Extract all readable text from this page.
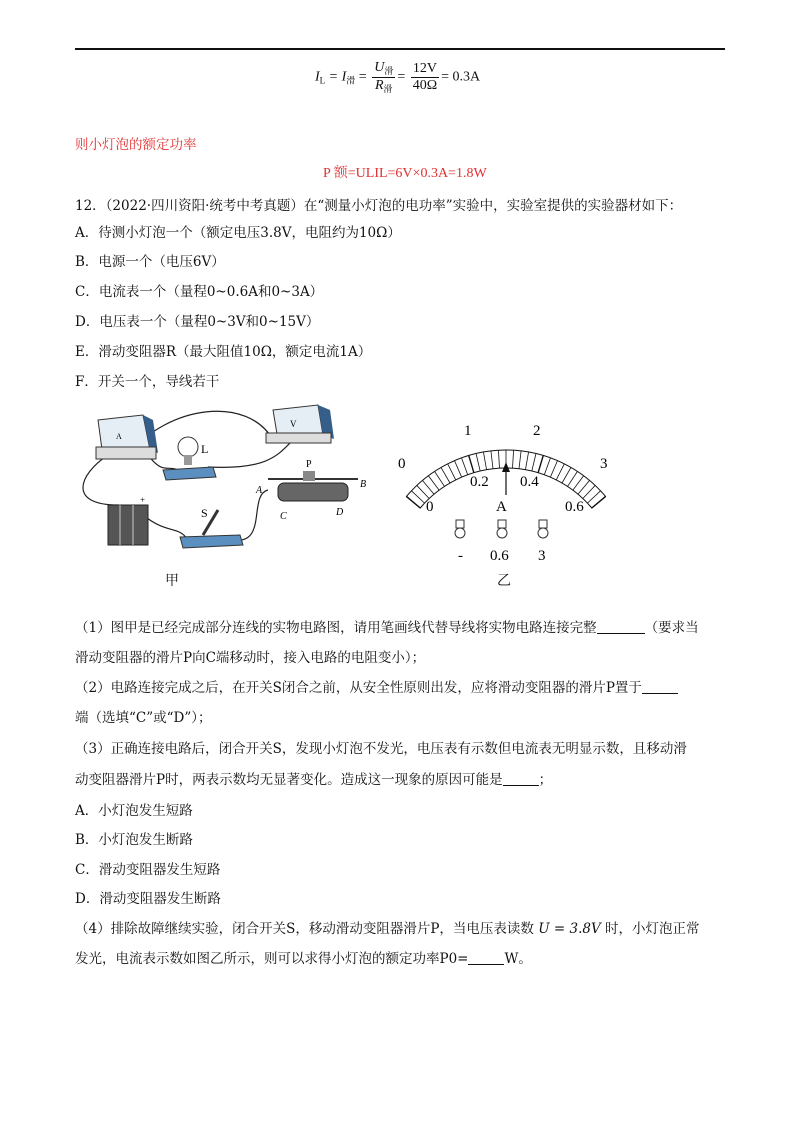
$I_L = I_滑 = \frac{U_滑}{R_滑} = \frac{12V}{40\Omega} = 0.3A$
则小灯泡的额定功率
P 额=ULIL=6V×0.3A=1.8W
12．（2022·四川资阳·统考中考真题）在“测量小灯泡的电功率”实验中，实验室提供的实验器材如下：
A．待测小灯泡一个（额定电压3.8V，电阻约为10Ω）
B．电源一个（电压6V）
C．电流表一个（量程0~0.6A和0~3A）
D．电压表一个（量程0~3V和0~15V）
E．滑动变阻器R（最大阻值10Ω，额定电流1A）
F．开关一个，导线若干
A
V
L
+
S
P
A
B
C	D
甲
0
1	2
3
0.2 0.4
0	0.6
A
- 0.6 3
乙
（1）图甲是已经完成部分连线的实物电路图，请用笔画线代替导线将实物电路连接完整	（要求当
滑动变阻器的滑片P向C端移动时，接入电路的电阻变小）；
（2）电路连接完成之后，在开关S闭合之前，从安全性原则出发，应将滑动变阻器的滑片P置于
端（选填“C”或“D”）；
（3）正确连接电路后，闭合开关S，发现小灯泡不发光，电压表有示数但电流表无明显示数，且移动滑
动变阻器滑片P时，两表示数均无显著变化。造成这一现象的原因可能是	；
A．小灯泡发生短路
B．小灯泡发生断路
C．滑动变阻器发生短路
D．滑动变阻器发生断路
（4）排除故障继续实验，闭合开关S，移动滑动变阻器滑片P，当电压表读数 U = 3.8V 时，小灯泡正常
发光，电流表示数如图乙所示，则可以求得小灯泡的额定功率P0=	W。
